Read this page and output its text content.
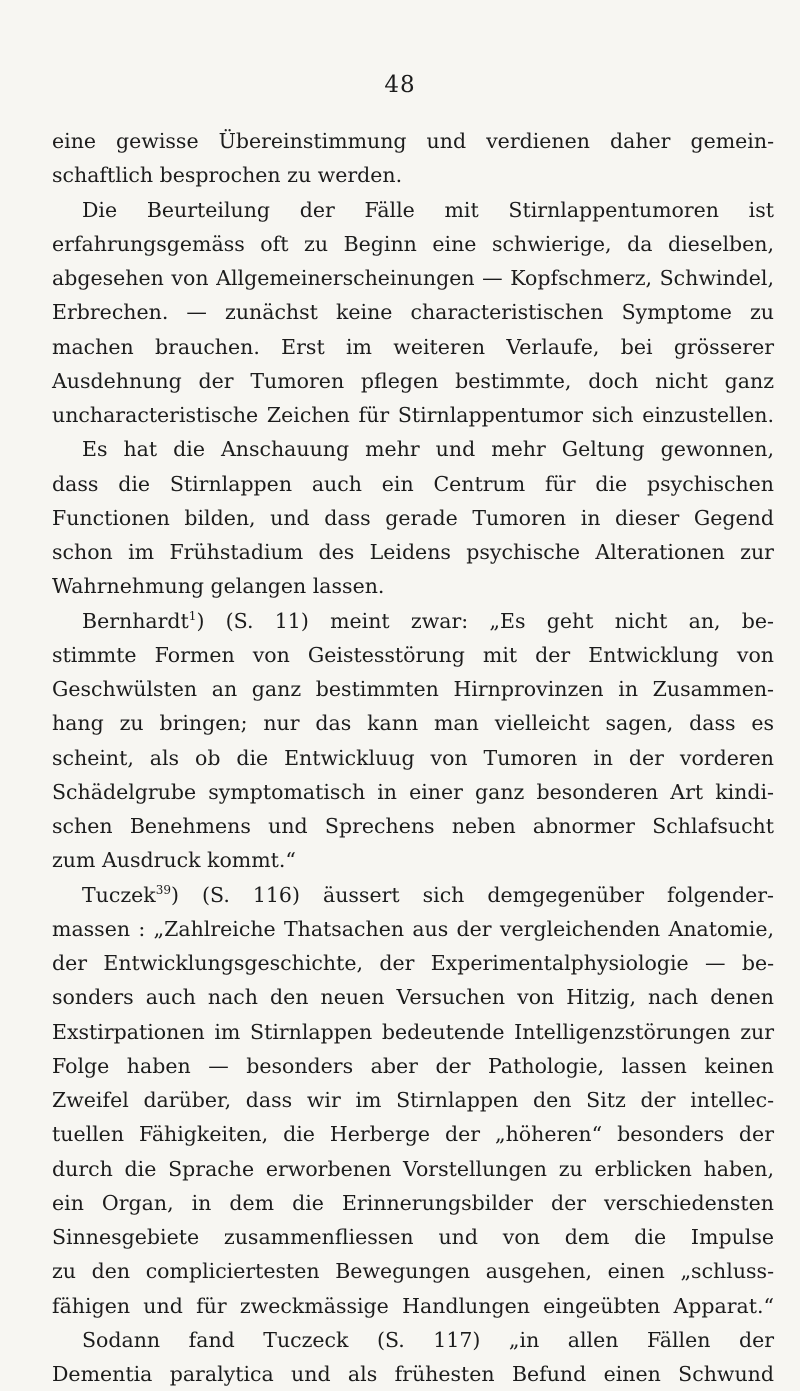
48
eine gewisse Übereinstimmung und verdienen daher gemein-
schaftlich besprochen zu werden.
Die Beurteilung der Fälle mit Stirnlappentumoren ist
erfahrungsgemäss oft zu Beginn eine schwierige, da dieselben,
abgesehen von Allgemeinerscheinungen — Kopfschmerz, Schwindel,
Erbrechen. — zunächst keine characteristischen Symptome zu
machen brauchen. Erst im weiteren Verlaufe, bei grösserer
Ausdehnung der Tumoren pflegen bestimmte, doch nicht ganz
uncharacteristische Zeichen für Stirnlappentumor sich einzustellen.
Es hat die Anschauung mehr und mehr Geltung gewonnen,
dass die Stirnlappen auch ein Centrum für die psychischen
Functionen bilden, und dass gerade Tumoren in dieser Gegend
schon im Frühstadium des Leidens psychische Alterationen zur
Wahrnehmung gelangen lassen.
Bernhardt$^1$) (S. 11) meint zwar: „Es geht nicht an, be-
stimmte Formen von Geistesstörung mit der Entwicklung von
Geschwülsten an ganz bestimmten Hirnprovinzen in Zusammen-
hang zu bringen; nur das kann man vielleicht sagen, dass es
scheint, als ob die Entwickluug von Tumoren in der vorderen
Schädelgrube symptomatisch in einer ganz besonderen Art kindi-
schen Benehmens und Sprechens neben abnormer Schlafsucht
zum Ausdruck kommt.“
Tuczek$^{39}$) (S. 116) äussert sich demgegenüber folgender-
massen : „Zahlreiche Thatsachen aus der vergleichenden Anatomie,
der Entwicklungsgeschichte, der Experimentalphysiologie — be-
sonders auch nach den neuen Versuchen von Hitzig, nach denen
Exstirpationen im Stirnlappen bedeutende Intelligenzstörungen zur
Folge haben — besonders aber der Pathologie, lassen keinen
Zweifel darüber, dass wir im Stirnlappen den Sitz der intellec-
tuellen Fähigkeiten, die Herberge der „höheren“ besonders der
durch die Sprache erworbenen Vorstellungen zu erblicken haben,
ein Organ, in dem die Erinnerungsbilder der verschiedensten
Sinnesgebiete zusammenfliessen und von dem die Impulse
zu den compliciertesten Bewegungen ausgehen, einen „schluss-
fähigen und für zweckmässige Handlungen eingeübten Apparat.“
Sodann fand Tuczeck (S. 117) „in allen Fällen der
Dementia paralytica und als frühesten Befund einen Schwund
